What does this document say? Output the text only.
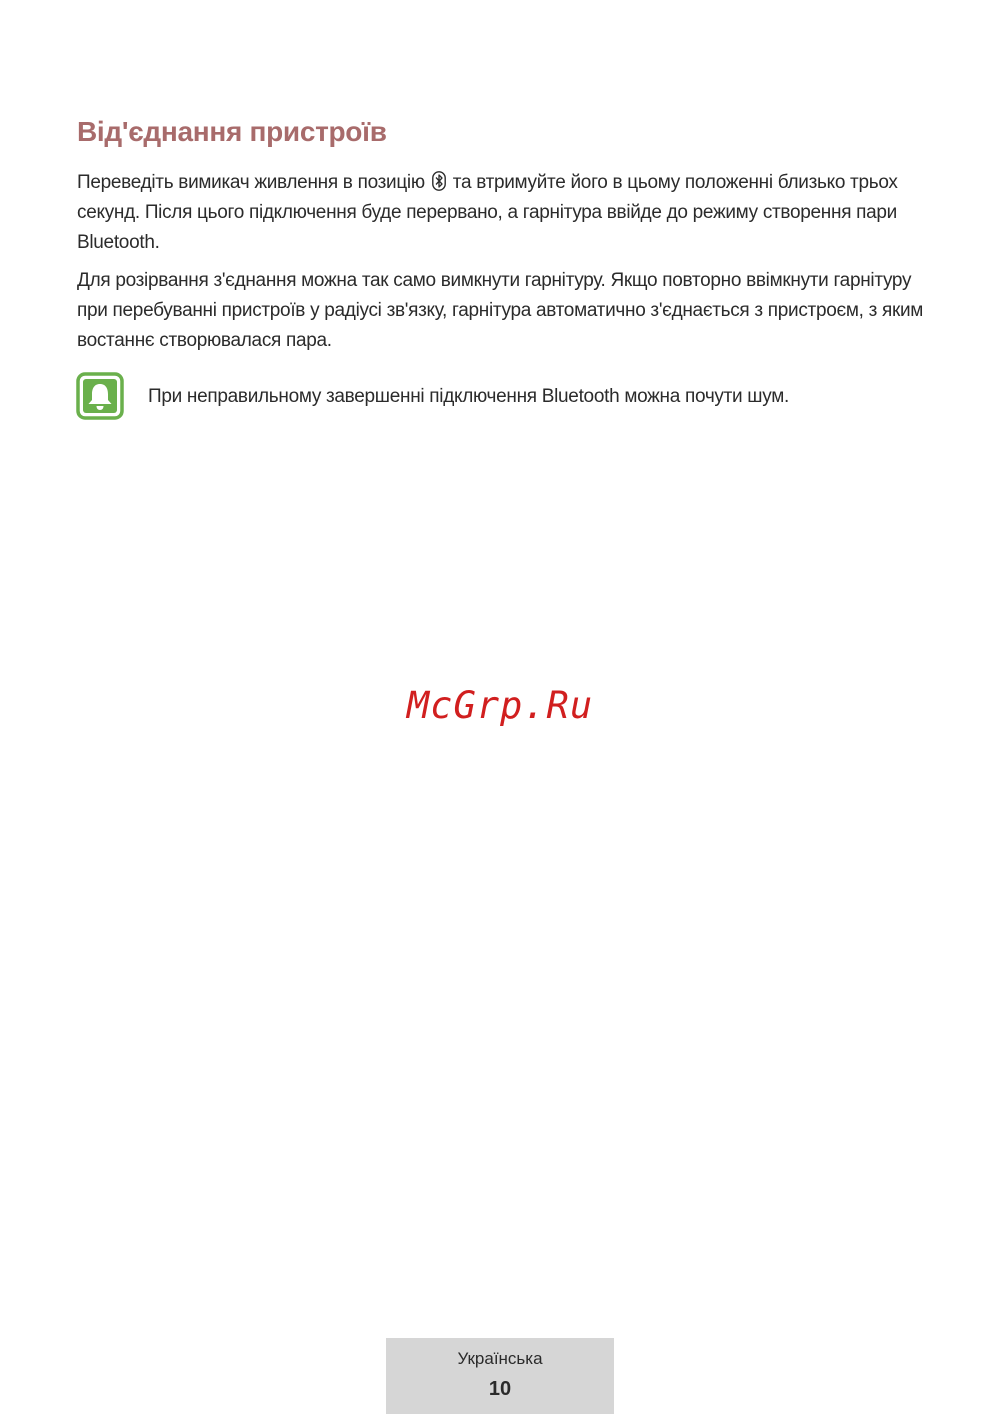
Від'єднання пристроїв

Переведіть вимикач живлення в позицію та втримуйте його в цьому положенні близько трьох секунд. Після цього підключення буде перервано, а гарнітура ввійде до режиму створення пари Bluetooth.

Для розірвання з'єднання можна так само вимкнути гарнітуру. Якщо повторно ввімкнути гарнітуру при перебуванні пристроїв у радіусі зв'язку, гарнітура автоматично з'єднається з пристроєм, з яким востаннє створювалася пара.

При неправильному завершенні підключення Bluetooth можна почути шум.

McGrp.Ru

Українська
10
